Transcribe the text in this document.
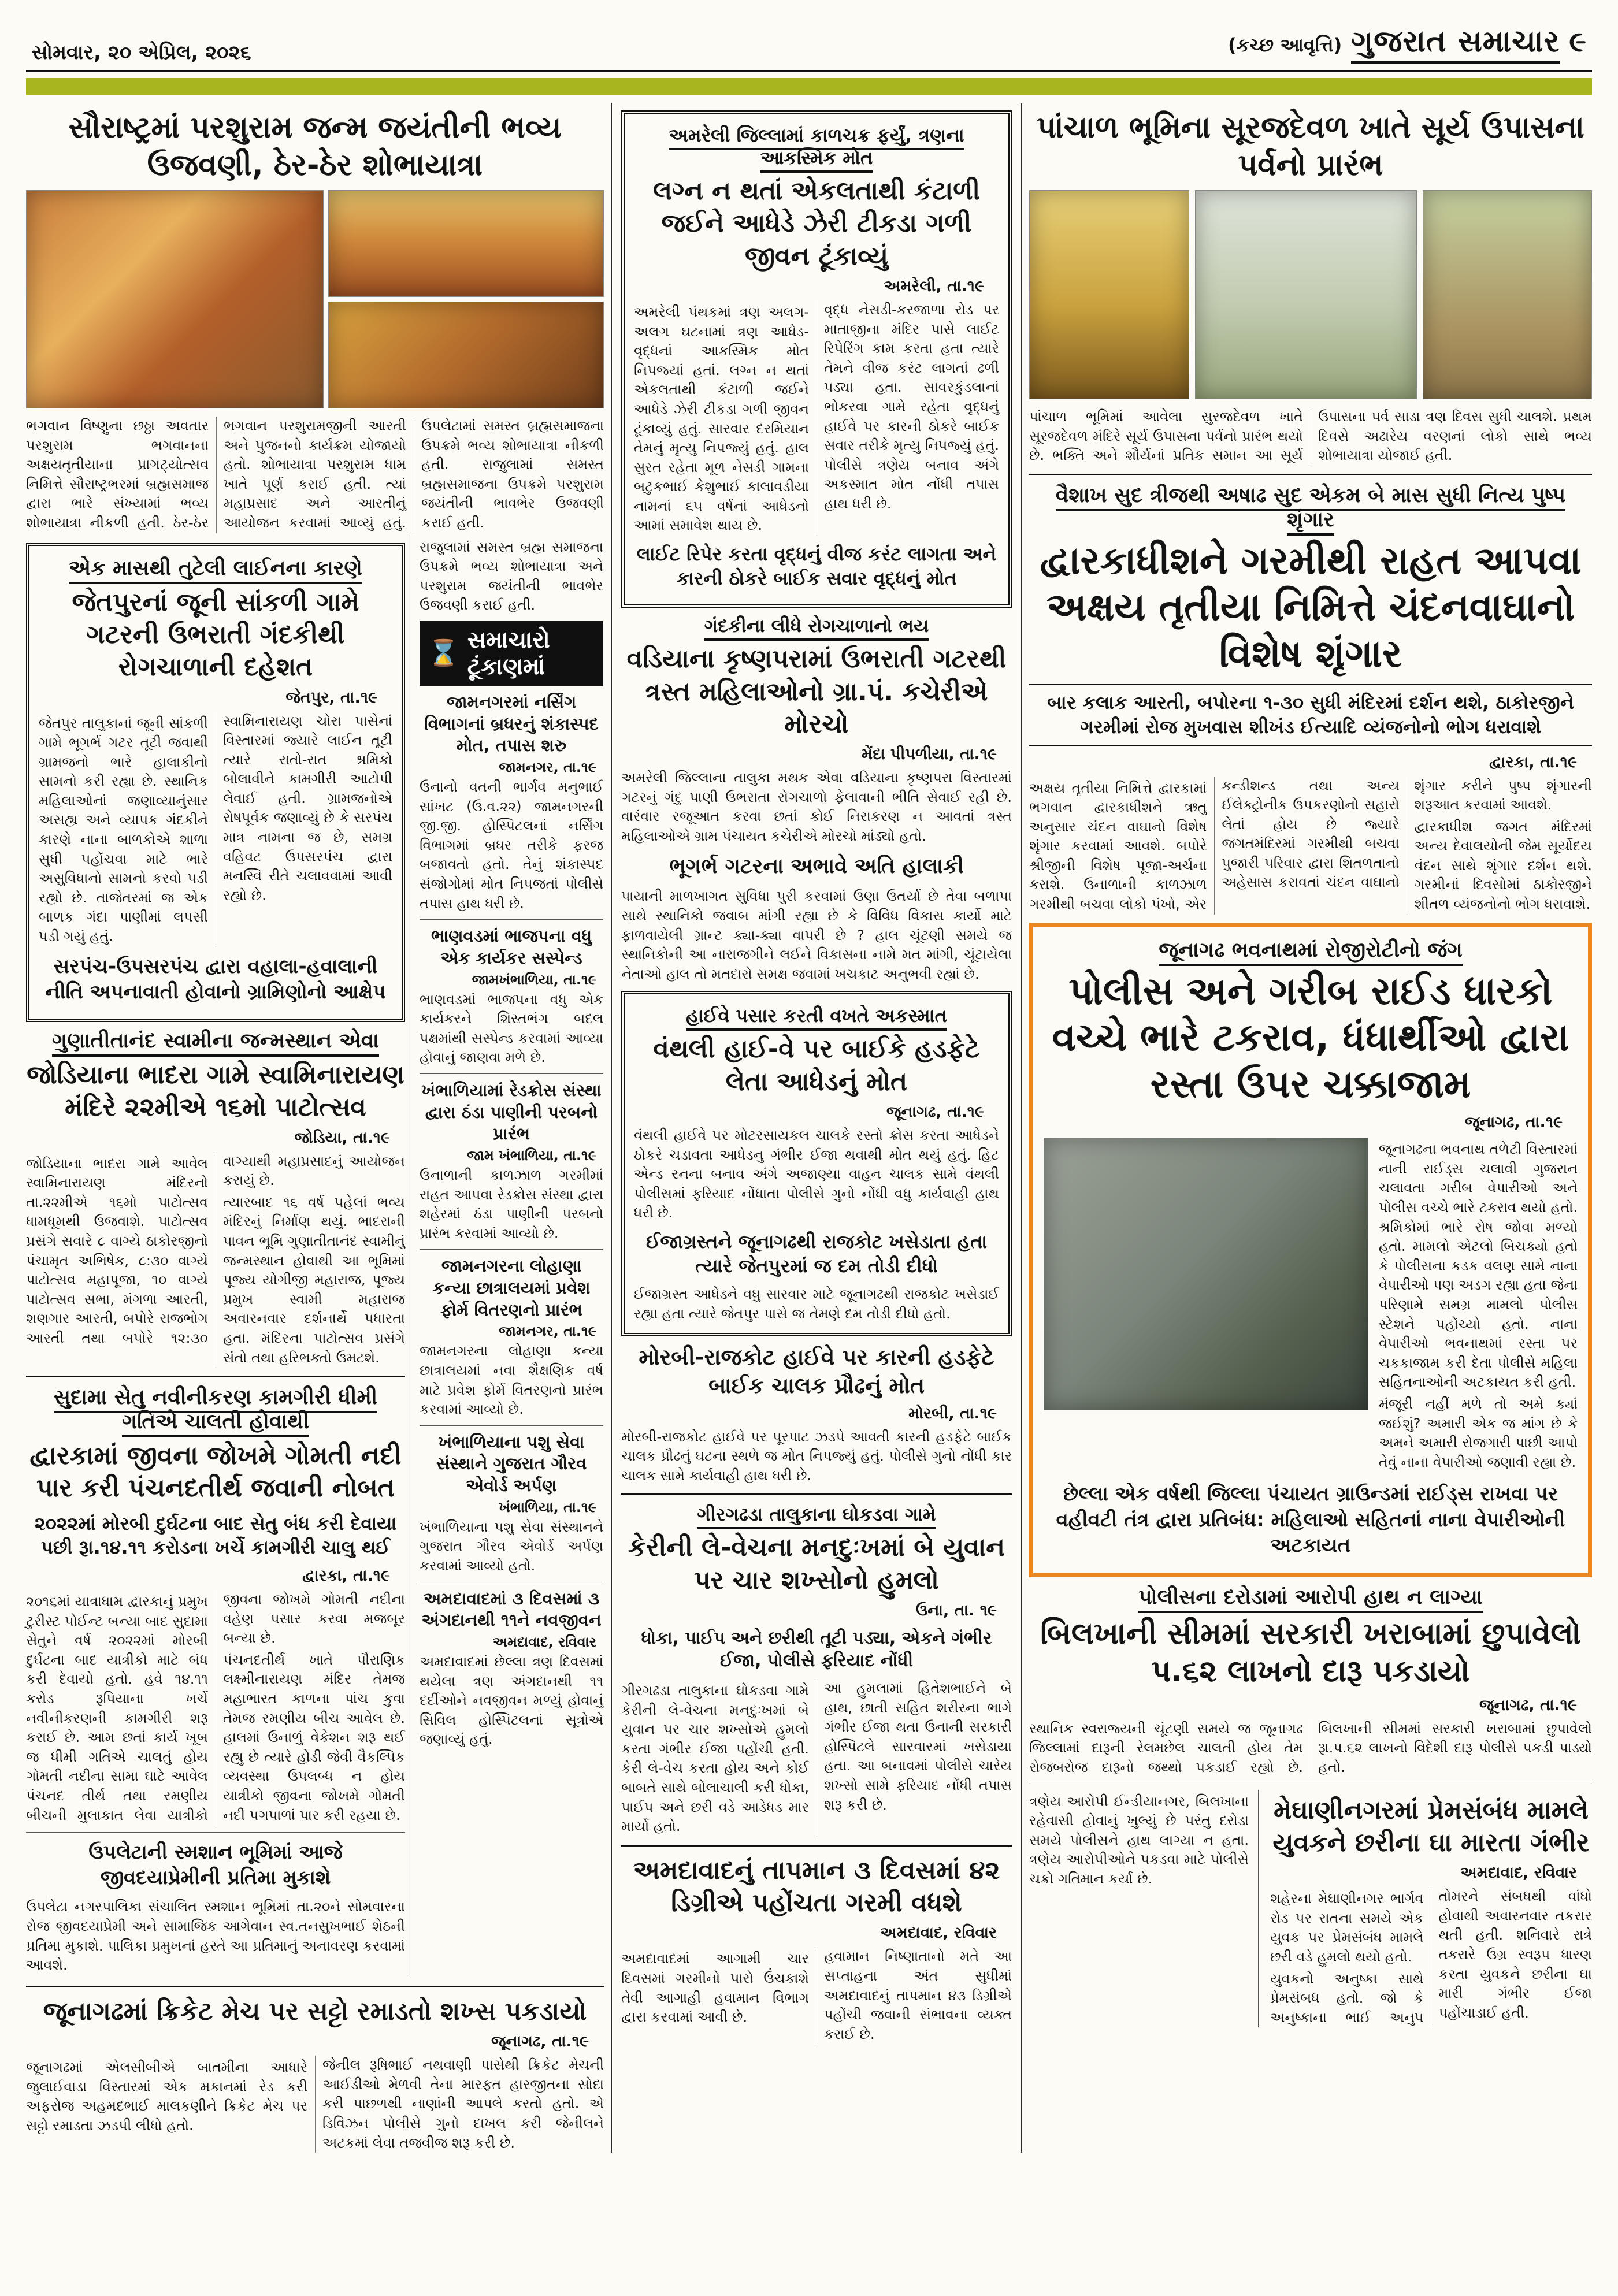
સોમવાર, ૨૦ એપ્રિલ, ૨૦૨૬	(કચ્છ આવૃત્તિ) ગુજરાત સમાચાર ૯
સૌરાષ્ટ્રમાં પરશુરામ જન્મ જયંતીની ભવ્ય ઉજવણી, ઠેર-ઠેર શોભાયાત્રા

ભગવાન વિષ્ણુના છઠ્ઠા અવતાર પરશુરામ ભગવાનના અક્ષયતૃતીયાના પ્રાગટ્યોત્સવ નિમિત્તે સૌરાષ્ટ્રભરમાં બ્રહ્મસમાજ દ્વારા ભારે સંખ્યામાં ભવ્ય શોભાયાત્રા નીકળી હતી. ઠેર-ઠેર ભગવાન પરશુરામજીની આરતી અને પુજનનો કાર્યક્રમ યોજાયો હતો. શોભાયાત્રા પરશુરામ ધામ ખાતે પૂર્ણ કરાઈ હતી. ત્યાં મહાપ્રસાદ અને આરતીનું આયોજન કરવામાં આવ્યું હતું. ઉપલેટામાં સમસ્ત બ્રહ્મસમાજના ઉપક્રમે ભવ્ય શોભાયાત્રા નીકળી હતી. રાજુલામાં સમસ્ત બ્રહ્મસમાજના ઉપક્રમે પરશુરામ જયંતીની ભાવભેર ઉજવણી કરાઈ હતી.

એક માસથી તુટેલી લાઈનના કારણે
જેતપુરનાં જૂની સાંકળી ગામે ગટરની ઉભરાતી ગંદકીથી રોગચાળાની દહેશત
જેતપુર, તા.૧૯

જેતપુર તાલુકાનાં જૂની સાંકળી ગામે ભૂગર્ભ ગટર તૂટી જવાથી ગ્રામજનો ભારે હાલાકીનો સામનો કરી રહ્યા છે. સ્થાનિક મહિલાઓનાં જણાવ્યાનુંસાર અસહ્ય અને વ્યાપક ગંદકીને કારણે નાના બાળકોએ શાળા સુધી પહોંચવા માટે ભારે અસુવિધાનો સામનો કરવો પડી રહ્યો છે. તાજેતરમાં જ એક બાળક ગંદા પાણીમાં લપસી પડી ગયું હતું.

સ્વામિનારાયણ ચોરા પાસેનાં વિસ્તારમાં જ્યારે લાઈન તૂટી ત્યારે રાતો-રાત શ્રમિકો બોલાવીને કામગીરી આટોપી લેવાઈ હતી. ગ્રામજનોએ રોષપૂર્વક જણાવ્યું છે કે સરપંચ માત્ર નામના જ છે, સમગ્ર વહિવટ ઉપસરપંચ દ્વારા મનસ્વિ રીતે ચલાવવામાં આવી રહ્યો છે.

સરપંચ-ઉપસરપંચ દ્વારા વહાલા-હવાલાની નીતિ અપનાવાતી હોવાનો ગ્રામિણોનો આક્ષેપ
ગુણાતીતાનંદ સ્વામીના જન્મસ્થાન એવા
જોડિયાના ભાદરા ગામે સ્વામિનારાયણ મંદિરે ૨૨મીએ ૧૬મો પાટોત્સવ
જોડિયા, તા.૧૯

જોડિયાના ભાદરા ગામે આવેલ સ્વામિનારાયણ મંદિરનો તા.૨૨મીએ ૧૬મો પાટોત્સવ ધામધૂમથી ઉજવાશે. પાટોત્સવ પ્રસંગે સવારે ૮ વાગ્યે ઠાકોરજીનો પંચામૃત અભિષેક, ૮:૩૦ વાગ્યે પાટોત્સવ મહાપૂજા, ૧૦ વાગ્યે પાટોત્સવ સભા, મંગળા આરતી, શણગાર આરતી, બપોરે રાજભોગ આરતી તથા બપોરે ૧૨:૩૦ વાગ્યાથી મહાપ્રસાદનું આયોજન કરાયું છે.

ત્યારબાદ ૧૬ વર્ષ પહેલાં ભવ્ય મંદિરનું નિર્માણ થયું. ભાદરાની પાવન ભૂમિ ગુણાતીતાનંદ સ્વામીનું જન્મસ્થાન હોવાથી આ ભૂમિમાં પૂજ્ય યોગીજી મહારાજ, પૂજ્ય પ્રમુખ સ્વામી મહારાજ અવારનવાર દર્શનાર્થે પધારતા હતા. મંદિરના પાટોત્સવ પ્રસંગે સંતો તથા હરિભક્તો ઉમટશે.

સુદામા સેતુ નવીનીકરણ કામગીરી ધીમી ગતિએ ચાલતી હોવાથી
દ્વારકામાં જીવના જોખમે ગોમતી નદી પાર કરી પંચનદતીર્થ જવાની નોબત
૨૦૨૨માં મોરબી દુર્ઘટના બાદ સેતુ બંધ કરી દેવાયા પછી રૂા.૧૪.૧૧ કરોડના ખર્ચે કામગીરી ચાલુ થઈ
દ્વારકા, તા.૧૯

૨૦૧૬માં યાત્રાધામ દ્વારકાનું પ્રમુખ ટુરીસ્ટ પોઈન્ટ બન્યા બાદ સુદામા સેતુને વર્ષ ૨૦૨૨માં મોરબી દુર્ઘટના બાદ યાત્રીકો માટે બંધ કરી દેવાયો હતો. હવે ૧૪.૧૧ કરોડ રૂપિયાના ખર્ચે નવીનીકરણની કામગીરી શરૂ કરાઈ છે. આમ છતાં કાર્ય ખૂબ જ ધીમી ગતિએ ચાલતું હોય ગોમતી નદીના સામા ઘાટે આવેલ પંચનદ તીર્થ તથા રમણીય બીચની મુલાકાત લેવા યાત્રીકો જીવના જોખમે ગોમતી નદીના વહેણ પસાર કરવા મજબૂર બન્યા છે.

પંચનદતીર્થ ખાતે પૌરાણિક લક્ષ્મીનારાયણ મંદિર તેમજ મહાભારત કાળના પાંચ કુવા તેમજ રમણીય બીચ આવેલ છે. હાલમાં ઉનાળું વેકેશન શરૂ થઈ રહ્યુ છે ત્યારે હોડી જેવી વૈકલ્પિક વ્યવસ્થા ઉપલબ્ધ ન હોય યાત્રીકો જીવના જોખમે ગોમતી નદી પગપાળાં પાર કરી રહયા છે.

ઉપલેટાની સ્મશાન ભૂમિમાં આજે જીવદયાપ્રેમીની પ્રતિમા મુકાશે

ઉપલેટા નગરપાલિકા સંચાલિત સ્મશાન ભૂમિમાં તા.૨૦ને સોમવારના રોજ જીવદયાપ્રેમી અને સામાજિક આગેવાન સ્વ.તનસુખભાઈ શેઠની પ્રતિમા મુકાશે. પાલિકા પ્રમુખનાં હસ્તે આ પ્રતિમાનું અનાવરણ કરવામાં આવશે.

રાજુલામાં સમસ્ત બ્રહ્મ સમાજના ઉપક્રમે ભવ્ય શોભાયાત્રા અને પરશુરામ જયંતીની ભાવભેર ઉજવણી કરાઈ હતી.

⌛ સમાચારો ટૂંકાણમાં
જામનગરમાં નર્સિંગ વિભાગનાં બ્રધરનું શંકાસ્પદ મોત, તપાસ શરુ
જામનગર, તા.૧૯

ઉનાનો વતની ભાર્ગવ મનુભાઈ સાંખટ (ઉ.વ.૨૨) જામનગરની જી.જી. હોસ્પિટલનાં નર્સિંગ વિભાગમાં બ્રધર તરીકે ફરજ બજાવતો હતો. તેનું શંકાસ્પદ સંજોગોમાં મોત નિપજતાં પોલીસે તપાસ હાથ ધરી છે.

ભાણવડમાં ભાજપના વધુ એક કાર્યકર સસ્પેન્ડ
જામખંભાળિયા, તા.૧૯

ભાણવડમાં ભાજપના વધુ એક કાર્યકરને શિસ્તભંગ બદલ પક્ષમાંથી સસ્પેન્ડ કરવામાં આવ્યા હોવાનું જાણવા મળે છે.

ખંભાળિયામાં રેડક્રોસ સંસ્થા દ્વારા ઠંડા પાણીની પરબનો પ્રારંભ
જામ ખંભાળિયા, તા.૧૯

ઉનાળાની કાળઝાળ ગરમીમાં રાહત આપવા રેડક્રોસ સંસ્થા દ્વારા શહેરમાં ઠંડા પાણીની પરબનો પ્રારંભ કરવામાં આવ્યો છે.

જામનગરના લોહાણા કન્યા છાત્રાલયમાં પ્રવેશ ફોર્મ વિતરણનો પ્રારંભ
જામનગર, તા.૧૯

જામનગરના લોહાણા કન્યા છાત્રાલયમાં નવા શૈક્ષણિક વર્ષ માટે પ્રવેશ ફોર્મ વિતરણનો પ્રારંભ કરવામાં આવ્યો છે.

ખંભાળિયાના પશુ સેવા સંસ્થાને ગુજરાત ગૌરવ એવોર્ડ અર્પણ
ખંભાળિયા, તા.૧૯

ખંભાળિયાના પશુ સેવા સંસ્થાનને ગુજરાત ગૌરવ એવોર્ડ અર્પણ કરવામાં આવ્યો હતો.

અમદાવાદમાં ૩ દિવસમાં ૩ અંગદાનથી ૧૧ને નવજીવન
અમદાવાદ, રવિવાર

અમદાવાદમાં છેલ્લા ત્રણ દિવસમાં થયેલા ત્રણ અંગદાનથી ૧૧ દર્દીઓને નવજીવન મળ્યું હોવાનું સિવિલ હોસ્પિટલનાં સૂત્રોએ જણાવ્યું હતું.

જૂનાગઢમાં ક્રિકેટ મેચ પર સટ્ટો રમાડતો શખ્સ પકડાયો
જૂનાગઢ, તા.૧૯

જૂનાગઢમાં એલસીબીએ બાતમીના આધારે જુલાઈવાડા વિસ્તારમાં એક મકાનમાં રેડ કરી અફરોજ અહમદભાઈ માલકણીને ક્રિકેટ મેચ પર સટ્ટો રમાડતા ઝડપી લીધો હતો.

જેનીલ રૂષિભાઈ નથવાણી પાસેથી ક્રિકેટ મેચની આઈડીઓ મેળવી તેના મારફત હારજીતના સોદા કરી પાછળથી નાણાંની આપલે કરતો હતો. એ ડિવિઝન પોલીસે ગુનો દાખલ કરી જેનીલને અટકમાં લેવા તજવીજ શરૂ કરી છે.

અમરેલી જિલ્લામાં કાળચક્ર ફર્યું, ત્રણના આકસ્મિક મોત
લગ્ન ન થતાં એકલતાથી કંટાળી જઈને આધેડે ઝેરી ટીકડા ગળી જીવન ટૂંકાવ્યું
અમરેલી, તા.૧૯

અમરેલી પંથકમાં ત્રણ અલગ-અલગ ઘટનામાં ત્રણ આધેડ-વૃદ્ધનાં આકસ્મિક મોત નિપજ્યાં હતાં. લગ્ન ન થતાં એકલતાથી કંટાળી જઈને આધેડે ઝેરી ટીકડા ગળી જીવન ટૂંકાવ્યું હતું. સારવાર દરમિયાન તેમનું મૃત્યુ નિપજ્યું હતું. હાલ સુરત રહેતા મૂળ નેસડી ગામના બટુકભાઈ કેશુભાઈ કાલાવડીયા નામનાં ૬૫ વર્ષનાં આધેડનો આમાં સમાવેશ થાય છે.

વૃદ્ધ નેસડી-કરજાળા રોડ પર માતાજીના મંદિર પાસે લાઈટ રિપેરિંગ કામ કરતા હતા ત્યારે તેમને વીજ કરંટ લાગતાં ઢળી પડ્યા હતા. સાવરકુંડલાનાં ભોકરવા ગામે રહેતા વૃદ્ધનું હાઈવે પર કારની ઠોકરે બાઈક સવાર તરીકે મૃત્યુ નિપજ્યું હતું. પોલીસે ત્રણેય બનાવ અંગે અકસ્માત મોત નોંધી તપાસ હાથ ધરી છે.

લાઈટ રિપેર કરતા વૃદ્ધનું વીજ કરંટ લાગતા અને કારની ઠોકરે બાઈક સવાર વૃદ્ધનું મોત
ગંદકીના લીધે રોગચાળાનો ભય
વડિયાના કૃષ્ણપરામાં ઉભરાતી ગટરથી ત્રસ્ત મહિલાઓનો ગ્રા.પં. કચેરીએ મોરચો
મેંદા પીપળીયા, તા.૧૯

અમરેલી જિલ્લાના તાલુકા મથક એવા વડિયાના કૃષ્ણપરા વિસ્તારમાં ગટરનું ગંદુ પાણી ઉભરાતા રોગચાળો ફેલાવાની ભીતિ સેવાઈ રહી છે. વારંવાર રજૂઆત કરવા છતાં કોઈ નિરાકરણ ન આવતાં ત્રસ્ત મહિલાઓએ ગ્રામ પંચાયત કચેરીએ મોરચો માંડ્યો હતો.

ભૂગર્ભ ગટરના અભાવે અતિ હાલાકી

પાયાની માળખાગત સુવિધા પુરી કરવામાં ઉણા ઉતર્યા છે તેવા બળાપા સાથે સ્થાનિકો જવાબ માંગી રહ્યા છે કે વિવિધ વિકાસ કાર્યો માટે ફાળવાયેલી ગ્રાન્ટ ક્યા-ક્યા વાપરી છે ? હાલ ચૂંટણી સમયે જ સ્થાનિકોની આ નારાજગીને લઈને વિકાસના નામે મત માંગી, ચૂંટાયેલા નેતાઓ હાલ તો મતદારો સમક્ષ જવામાં ખચકાટ અનુભવી રહ્યાં છે.

હાઈવે પસાર કરતી વખતે અકસ્માત
વંથલી હાઈ-વે પર બાઈકે હડફેટે લેતા આધેડનું મોત
જૂનાગઢ, તા.૧૯

વંથલી હાઈવે પર મોટરસાયકલ ચાલકે રસ્તો ક્રોસ કરતા આધેડને ઠોકરે ચડાવતા આધેડનુ ગંભીર ઈજા થવાથી મોત થયું હતું. હિટ એન્ડ રનના બનાવ અંગે અજાણ્યા વાહન ચાલક સામે વંથલી પોલીસમાં ફરિયાદ નોંધાતા પોલીસે ગુનો નોંધી વધુ કાર્યવાહી હાથ ધરી છે.

ઈજાગ્રસ્તને જૂનાગઢથી રાજકોટ ખસેડાતા હતા ત્યારે જેતપુરમાં જ દમ તોડી દીધો

ઈજાગ્રસ્ત આધેડને વધુ સારવાર માટે જૂનાગઢથી રાજકોટ ખસેડાઈ રહ્યા હતા ત્યારે જેતપુર પાસે જ તેમણે દમ તોડી દીધો હતો.

મોરબી-રાજકોટ હાઈવે પર કારની હડફેટે બાઈક ચાલક પ્રૌઢનું મોત
મોરબી, તા.૧૯

મોરબી-રાજકોટ હાઈવે પર પૂરપાટ ઝડપે આવતી કારની હડફેટે બાઈક ચાલક પ્રૌઢનું ઘટના સ્થળે જ મોત નિપજ્યું હતું. પોલીસે ગુનો નોંધી કાર ચાલક સામે કાર્યવાહી હાથ ધરી છે.

ગીરગઢડા તાલુકાના ઘોકડવા ગામે
કેરીની લે-વેચના મનદુઃખમાં બે યુવાન પર ચાર શખ્સોનો હુમલો
ઉના, તા. ૧૯
ધોકા, પાઈપ અને છરીથી તૂટી પડ્યા, એકને ગંભીર ઈજા, પોલીસે ફરિયાદ નોંધી

ગીરગઢડા તાલુકાના ઘોકડવા ગામે કેરીની લે-વેચના મનદુઃખમાં બે યુવાન પર ચાર શખ્સોએ હુમલો કરતા ગંભીર ઈજા પહોંચી હતી. કેરી લે-વેચ કરતા હોય અને કોઈ બાબતે સાથે બોલાચાલી કરી ધોકા, પાઈપ અને છરી વડે આડેધડ માર માર્યો હતો.

આ હુમલામાં હિતેશભાઈને બે હાથ, છાતી સહિત શરીરના ભાગે ગંભીર ઈજા થતા ઉનાની સરકારી હોસ્પિટલે સારવારમાં ખસેડાયા હતા. આ બનાવમાં પોલીસે ચારેય શખ્સો સામે ફરિયાદ નોંધી તપાસ શરૂ કરી છે.

અમદાવાદનું તાપમાન ૩ દિવસમાં ૪૨ ડિગ્રીએ પહોંચતા ગરમી વધશે
અમદાવાદ, રવિવાર

અમદાવાદમાં આગામી ચાર દિવસમાં ગરમીનો પારો ઉંચકાશે તેવી આગાહી હવામાન વિભાગ દ્વારા કરવામાં આવી છે.

હવામાન નિષ્ણાતાનો મતે આ સપ્તાહના અંત સુધીમાં અમદાવાદનું તાપમાન ૪૩ ડિગ્રીએ પહોંચી જવાની સંભાવના વ્યક્ત કરાઈ છે.

પાંચાળ ભૂમિના સૂરજદેવળ ખાતે સૂર્ય ઉપાસના પર્વનો પ્રારંભ

પાંચાળ ભૂમિમાં આવેલા સુરજદેવળ ખાતે સૂરજદેવળ મંદિરે સૂર્ય ઉપાસના પર્વનો પ્રારંભ થયો છે. ભક્તિ અને શૌર્યનાં પ્રતિક સમાન આ સૂર્ય ઉપાસના પર્વ સાડા ત્રણ દિવસ સુધી ચાલશે. પ્રથમ દિવસે અઢારેય વરણનાં લોકો સાથે ભવ્ય શોભાયાત્રા યોજાઈ હતી.

વૈશાખ સુદ ત્રીજથી અષાઢ સુદ એકમ બે માસ સુધી નિત્ય પુષ્પ શૃંગાર
દ્વારકાધીશને ગરમીથી રાહત આપવા અક્ષય તૃતીયા નિમિત્તે ચંદનવાઘાનો વિશેષ શૃંગાર
બાર કલાક આરતી, બપોરના ૧-૩૦ સુધી મંદિરમાં દર્શન થશે, ઠાકોરજીને ગરમીમાં રોજ મુખવાસ શીખંડ ઈત્યાદિ વ્યંજનોનો ભોગ ધરાવાશે
દ્વારકા, તા.૧૯

અક્ષય તૃતીયા નિમિત્તે દ્વારકામાં ભગવાન દ્વારકાધીશને ઋતુ અનુસાર ચંદન વાઘાનો વિશેષ શૃંગાર કરવામાં આવશે. બપોરે શ્રીજીની વિશેષ પૂજા-અર્ચના કરાશે. ઉનાળાની કાળઝાળ ગરમીથી બચવા લોકો પંખો, એર કન્ડીશન્ડ તથા અન્ય ઈલેક્ટ્રોનીક ઉપકરણોનો સહારો લેતાં હોય છે જ્યારે જગતમંદિરમાં ગરમીથી બચવા પુજારી પરિવાર દ્વારા શિતળતાનો અહેસાસ કરાવતાં ચંદન વાઘાનો શૃંગાર કરીને પુષ્પ શૃંગારની શરૂઆત કરવામાં આવશે.

દ્વારકાધીશ જગત મંદિરમાં અન્ય દેવાલયોની જેમ સૂર્યોદય વંદન સાથે શૃંગાર દર્શન થશે. ગરમીનાં દિવસોમાં ઠાકોરજીને શીતળ વ્યંજનોનો ભોગ ધરાવાશે.

જૂનાગઢ ભવનાથમાં રોજીરોટીનો જંગ
પોલીસ અને ગરીબ રાઈડ ધારકો વચ્ચે ભારે ટકરાવ, ધંધાર્થીઓ દ્વારા રસ્તા ઉપર ચક્કાજામ
જૂનાગઢ, તા.૧૯

જૂનાગઢના ભવનાથ તળેટી વિસ્તારમાં નાની રાઈડ્સ ચલાવી ગુજરાન ચલાવતા ગરીબ વેપારીઓ અને પોલીસ વચ્ચે ભારે ટકરાવ થયો હતો. શ્રમિકોમાં ભારે રોષ જોવા મળ્યો હતો. મામલો એટલો બિચક્યો હતો કે પોલીસના કડક વલણ સામે નાના વેપારીઓ પણ અડગ રહ્યા હતા જેના પરિણામે સમગ્ર મામલો પોલીસ સ્ટેશને પહોંચ્યો હતો. નાના વેપારીઓ ભવનાથમાં રસ્તા પર ચકકાજામ કરી દેતા પોલીસે મહિલા સહિતનાઓની અટકાયત કરી હતી.

મંજૂરી નહીં મળે તો અમે ક્યાં જઈશું? અમારી એક જ માંગ છે કે અમને અમારી રોજગારી પાછી આપો તેવું નાના વેપારીઓ જણાવી રહ્યા છે.

છેલ્લા એક વર્ષથી જિલ્લા પંચાયત ગ્રાઉન્ડમાં રાઈડ્સ રાખવા પર વહીવટી તંત્ર દ્વારા પ્રતિબંધ: મહિલાઓ સહિતનાં નાના વેપારીઓની અટકાયત
પોલીસના દરોડામાં આરોપી હાથ ન લાગ્યા
બિલખાની સીમમાં સરકારી ખરાબામાં છુપાવેલો પ.૬૨ લાખનો દારૂ પકડાયો
જૂનાગઢ, તા.૧૯

સ્થાનિક સ્વરાજ્યની ચૂંટણી સમયે જ જૂનાગઢ જિલ્લામાં દારૂની રેલમછેલ ચાલતી હોય તેમ રોજબરોજ દારૂનો જથ્થો પકડાઈ રહ્યો છે. બિલખાની સીમમાં સરકારી ખરાબામાં છુપાવેલો રૂા.પ.૬૨ લાખનો વિદેશી દારૂ પોલીસે પકડી પાડ્યો હતો.

ત્રણેય આરોપી ઈન્ડીયાનગર, બિલખાના રહેવાસી હોવાનું ખુલ્યું છે પરંતુ દરોડા સમયે પોલીસને હાથ લાગ્યા ન હતા. ત્રણેય આરોપીઓને પકડવા માટે પોલીસે ચક્રો ગતિમાન કર્યા છે.

મેઘાણીનગરમાં પ્રેમસંબંધ મામલે યુવકને છરીના ઘા મારતા ગંભીર
અમદાવાદ, રવિવાર

શહેરના મેઘાણીનગર ભાર્ગવ રોડ પર રાતના સમયે એક યુવક પર પ્રેમસંબંધ મામલે છરી વડે હુમલો થયો હતો.

યુવકનો અનુષ્કા સાથે પ્રેમસંબધ હતો. જો કે અનુષ્કાના ભાઈ અનુપ તોમરને સંબધથી વાંધો હોવાથી અવારનવાર તકરાર થતી હતી. શનિવારે રાત્રે તકરારે ઉગ્ર સ્વરૂપ ધારણ કરતા યુવકને છરીના ઘા મારી ગંભીર ઈજા પહોંચાડાઈ હતી.
